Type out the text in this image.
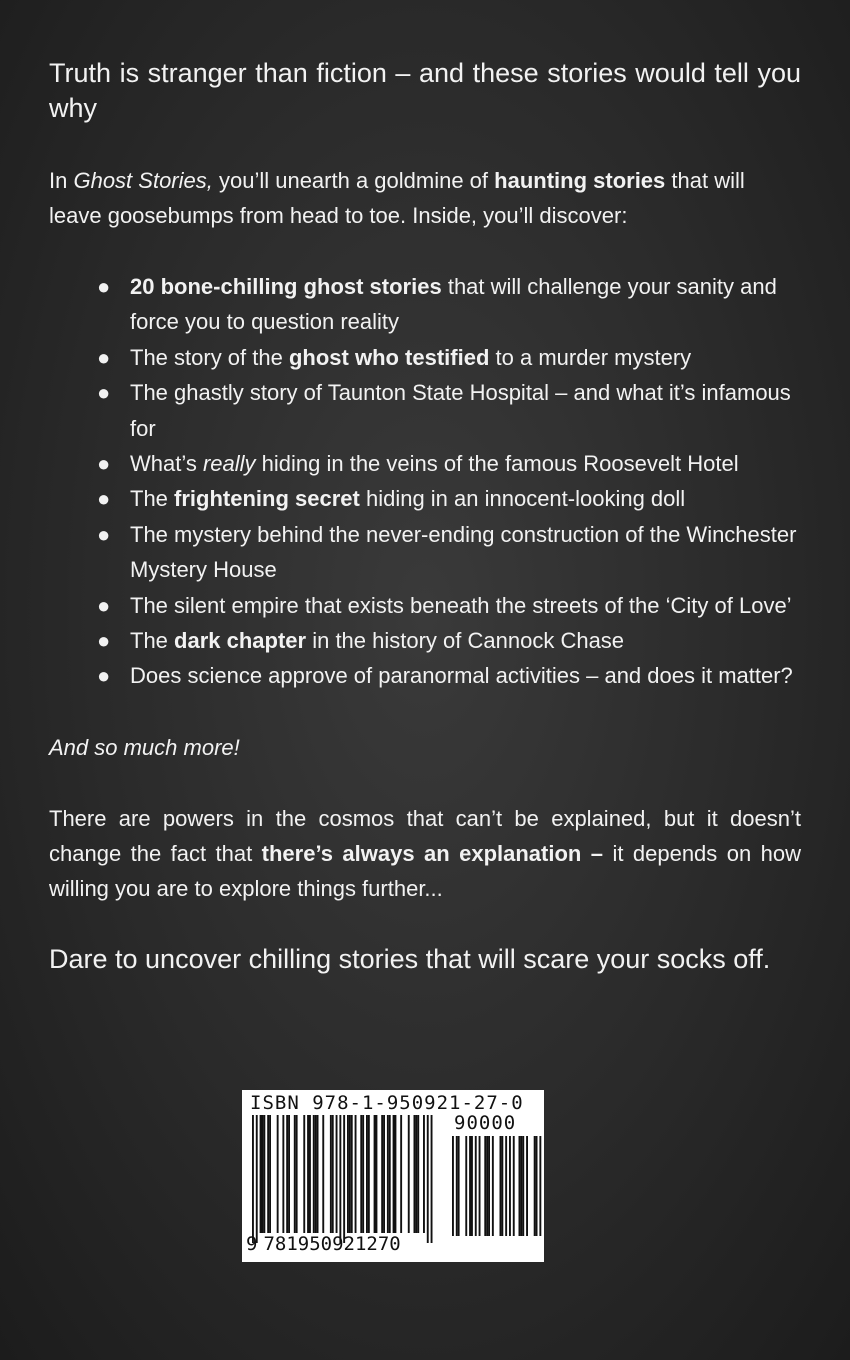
Truth is stranger than fiction – and these stories would tell you why

In Ghost Stories, you’ll unearth a goldmine of haunting stories that will leave goosebumps from head to toe. Inside, you’ll discover:

● 20 bone-chilling ghost stories that will challenge your sanity and force you to question reality
● The story of the ghost who testified to a murder mystery
● The ghastly story of Taunton State Hospital – and what it’s infamous for
● What’s really hiding in the veins of the famous Roosevelt Hotel
● The frightening secret hiding in an innocent-looking doll
● The mystery behind the never-ending construction of the Winchester Mystery House
● The silent empire that exists beneath the streets of the ‘City of Love’
● The dark chapter in the history of Cannock Chase
● Does science approve of paranormal activities – and does it matter?

And so much more!

There are powers in the cosmos that can’t be explained, but it doesn’t change the fact that there’s always an explanation – it depends on how willing you are to explore things further...

Dare to uncover chilling stories that will scare your socks off.

ISBN 978-1-950921-27-0
90000
9 781950921270
